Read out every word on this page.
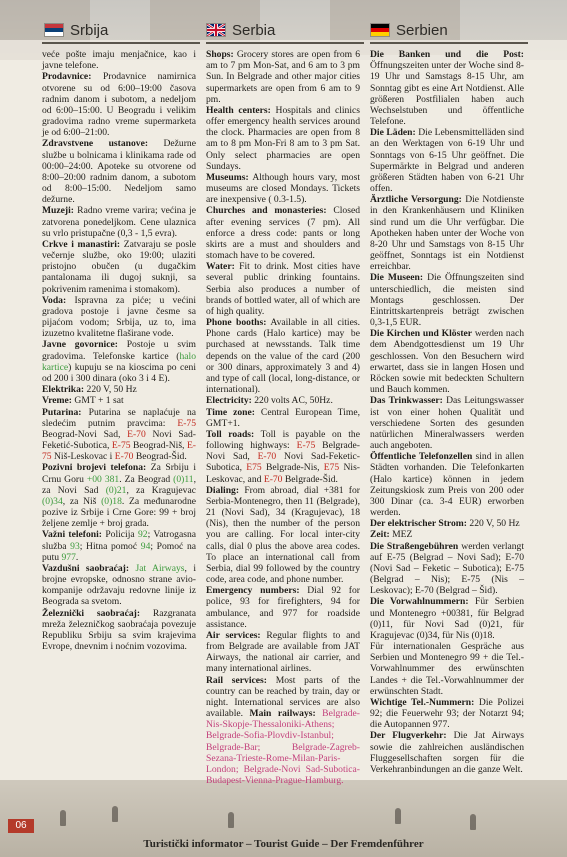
Srbija	Serbia	Serbien

veće pošte imaju menjačnice, kao i javne telefone.

Prodavnice: Prodavnice namirnica otvorene su od 6:00–19:00 časova radnim danom i subotom, a nedeljom od 6:00–15:00. U Beogradu i velikim gradovima radno vreme supermarketa je od 6:00–21:00.

Zdravstvene ustanove: Dežurne službe u bolnicama i klinikama rade od 00:00–24:00. Apoteke su otvorene od 8:00–20:00 radnim danom, a subotom od 8:00–15:00. Nedeljom samo dežurne.

Muzeji: Radno vreme varira; većina je zatvorena ponedeljkom. Cene ulaznica su vrlo pristupačne (0,3 - 1,5 evra).

Crkve i manastiri: Zatvaraju se posle večernje službe, oko 19:00; ulaziti pristojno obučen (u dugačkim pantalonama ili dugoj suknji, sa pokrivenim ramenima i stomakom).

Voda: Ispravna za piće; u većini gradova postoje i javne česme sa pijaćom vodom; Srbija, uz to, ima izuzetno kvalitetne flaširane vode.

Javne govornice: Postoje u svim gradovima. Telefonske kartice (halo kartice) kupuju se na kioscima po ceni od 200 i 300 dinara (oko 3 i 4 E).

Elektrika: 220 V, 50 Hz

Vreme: GMT + 1 sat

Putarina: Putarina se naplaćuje na sledećim putnim pravcima: E-75 Beograd-Novi Sad, E-70 Novi Sad-Feketić-Subotica, E-75 Beograd-Niš, E-75 Niš-Leskovac i E-70 Beograd-Šid.

Pozivni brojevi telefona: Za Srbiju i Crnu Goru +00 381. Za Beograd (0)11, za Novi Sad (0)21, za Kragujevac (0)34, za Niš (0)18. Za međunarodne pozive iz Srbije i Crne Gore: 99 + broj željene zemlje + broj grada.

Važni telefoni: Policija 92; Vatrogasna služba 93; Hitna pomoć 94; Pomoć na putu 977.

Vazdušni saobraćaj: Jat Airways, i brojne evropske, odnosno strane avio-kompanije održavaju redovne linije iz Beograda sa svetom.

Železnički saobraćaj: Razgranata mreža železničkog saobraćaja povezuje Republiku Srbiju sa svim krajevima Evrope, dnevnim i noćnim vozovima.

Shops: Grocery stores are open from 6 am to 7 pm Mon-Sat, and 6 am to 3 pm Sun. In Belgrade and other major cities supermarkets are open from 6 am to 9 pm.

Health centers: Hospitals and clinics offer emergency health services around the clock. Pharmacies are open from 8 am to 8 pm Mon-Fri 8 am to 3 pm Sat. Only select pharmacies are open Sundays.

Museums: Although hours vary, most museums are closed Mondays. Tickets are inexpensive ( 0.3-1.5).

Churches and monasteries: Closed after evening services (7 pm). All enforce a dress code: pants or long skirts are a must and shoulders and stomach have to be covered.

Water: Fit to drink. Most cities have several public drinking fountains. Serbia also produces a number of brands of bottled water, all of which are of high quality.

Phone booths: Available in all cities. Phone cards (Halo kartice) may be purchased at newsstands. Talk time depends on the value of the card (200 or 300 dinars, approximately 3 and 4) and type of call (local, long-distance, or international).

Electricity: 220 volts AC, 50Hz.

Time zone: Central European Time, GMT+1.

Toll roads: Toll is payable on the following highways: E-75 Belgrade-Novi Sad, E-70 Novi Sad-Feketic-Subotica, E75 Belgrade-Nis, E75 Nis-Leskovac, and E-70 Belgrade-Šid.

Dialing: From abroad, dial +381 for Serbia-Montenegro, then 11 (Belgrade), 21 (Novi Sad), 34 (Kragujevac), 18 (Nis), then the number of the person you are calling. For local inter-city calls, dial 0 plus the above area codes. To place an international call from Serbia, dial 99 followed by the country code, area code, and phone number.

Emergency numbers: Dial 92 for police, 93 for firefighters, 94 for ambulance, and 977 for roadside assistance.

Air services: Regular flights to and from Belgrade are available from JAT Airways, the national air carrier, and many international airlines.

Rail services: Most parts of the country can be reached by train, day or night. International services are also available. Main railways: Belgrade-Nis-Skopje-Thessaloniki-Athens; Belgrade-Sofia-Plovdiv-Istanbul; Belgrade-Bar; Belgrade-Zagreb-Sezana-Trieste-Rome-Milan-Paris-London; Belgrade-Novi Sad-Subotica-Budapest-Vienna-Prague-Hamburg.

Die Banken und die Post: Öffnungszeiten unter der Woche sind 8-19 Uhr und Samstags 8-15 Uhr, am Sonntag gibt es eine Art Notdienst. Alle größeren Postfilialen haben auch Wechselstuben und öffentliche Telefone.

Die Läden: Die Lebensmittelläden sind an den Werktagen von 6-19 Uhr und Sonntags von 6-15 Uhr geöffnet. Die Supermärkte in Belgrad und anderen größeren Städten haben von 6-21 Uhr offen.

Ärztliche Versorgung: Die Notdienste in den Krankenhäusern und Kliniken sind rund um die Uhr verfügbar. Die Apotheken haben unter der Woche von 8-20 Uhr und Samstags von 8-15 Uhr geöffnet, Sonntags ist ein Notdienst erreichbar.

Die Museen: Die Öffnungszeiten sind unterschiedlich, die meisten sind Montags geschlossen. Der Eintrittskartenpreis beträgt zwischen 0,3-1,5 EUR.

Die Kirchen und Klöster werden nach dem Abendgottesdienst um 19 Uhr geschlossen. Von den Besuchern wird erwartet, dass sie in langen Hosen und Röcken sowie mit bedeckten Schultern und Bauch kommen.

Das Trinkwasser: Das Leitungswasser ist von einer hohen Qualität und verschiedene Sorten des gesunden natürlichen Mineralwassers werden auch angeboten.

Öffentliche Telefonzellen sind in allen Städten vorhanden. Die Telefonkarten (Halo kartice) können in jedem Zeitungskiosk zum Preis von 200 oder 300 Dinar (ca. 3-4 EUR) erworben werden.

Der elektrischer Strom: 220 V, 50 Hz

Zeit: MEZ

Die Straßengebühren werden verlangt auf E-75 (Belgrad – Novi Sad); E-70 (Novi Sad – Feketic – Subotica); E-75 (Belgrad – Nis); E-75 (Nis – Leskovac); E-70 (Belgrad – Šid).

Die Vorwahlnummern: Für Serbien und Montenegro +00381, für Belgrad (0)11, für Novi Sad (0)21, für Kragujevac (0)34, für Nis (0)18.

Für internationalen Gespräche aus Serbien und Montenegro 99 + die Tel.-Vorwahlnummer des erwünschten Landes + die Tel.-Vorwahlnummer der erwünschten Stadt.

Wichtige Tel.-Nummern: Die Polizei 92; die Feuerwehr 93; der Notarzt 94; die Autopannen 977.

Der Flugverkehr: Die Jat Airways sowie die zahlreichen ausländischen Fluggesellschaften sorgen für die Verkehranbindungen an die ganze Welt.

06
Turistički informator – Tourist Guide – Der Fremdenführer
